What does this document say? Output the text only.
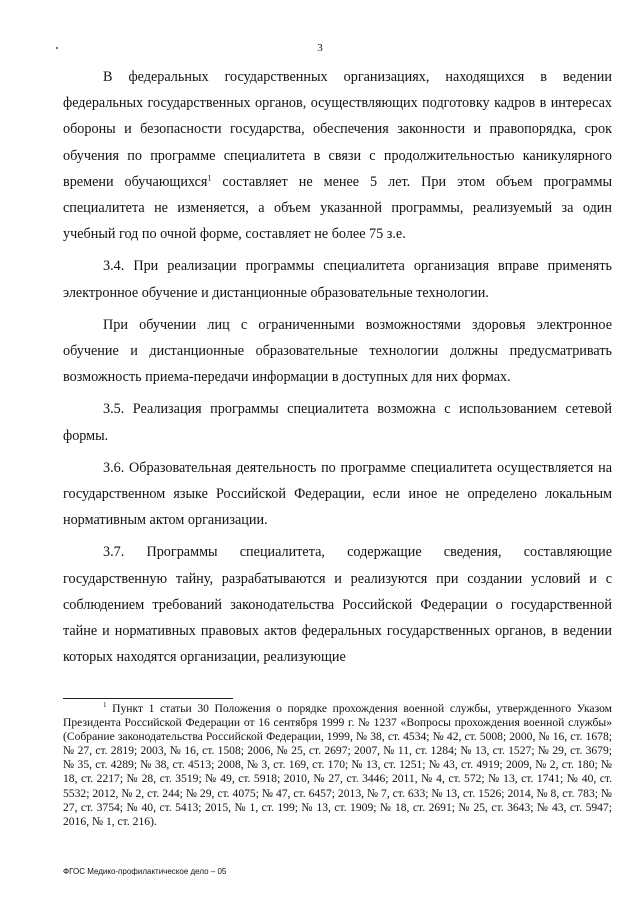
3

В федеральных государственных организациях, находящихся в ведении федеральных государственных органов, осуществляющих подготовку кадров в интересах обороны и безопасности государства, обеспечения законности и правопорядка, срок обучения по программе специалитета в связи с продолжительностью каникулярного времени обучающихся$^1$ составляет не менее 5 лет. При этом объем программы специалитета не изменяется, а объем указанной программы, реализуемый за один учебный год по очной форме, составляет не более 75 з.е.

3.4. При реализации программы специалитета организация вправе применять электронное обучение и дистанционные образовательные технологии.

При обучении лиц с ограниченными возможностями здоровья электронное обучение и дистанционные образовательные технологии должны предусматривать возможность приема-передачи информации в доступных для них формах.

3.5. Реализация программы специалитета возможна с использованием сетевой формы.

3.6. Образовательная деятельность по программе специалитета осуществляется на государственном языке Российской Федерации, если иное не определено локальным нормативным актом организации.

3.7. Программы специалитета, содержащие сведения, составляющие государственную тайну, разрабатываются и реализуются при создании условий и с соблюдением требований законодательства Российской Федерации о государственной тайне и нормативных правовых актов федеральных государственных органов, в ведении которых находятся организации, реализующие

$^1$ Пункт 1 статьи 30 Положения о порядке прохождения военной службы, утвержденного Указом Президента Российской Федерации от 16 сентября 1999 г. № 1237 «Вопросы прохождения военной службы» (Собрание законодательства Российской Федерации, 1999, № 38, ст. 4534; № 42, ст. 5008; 2000, № 16, ст. 1678; № 27, ст. 2819; 2003, № 16, ст. 1508; 2006, № 25, ст. 2697; 2007, № 11, ст. 1284; № 13, ст. 1527; № 29, ст. 3679; № 35, ст. 4289; № 38, ст. 4513; 2008, № 3, ст. 169, ст. 170; № 13, ст. 1251; № 43, ст. 4919; 2009, № 2, ст. 180; № 18, ст. 2217; № 28, ст. 3519; № 49, ст. 5918; 2010, № 27, ст. 3446; 2011, № 4, ст. 572; № 13, ст. 1741; № 40, ст. 5532; 2012, № 2, ст. 244; № 29, ст. 4075; № 47, ст. 6457; 2013, № 7, ст. 633; № 13, ст. 1526; 2014, № 8, ст. 783; № 27, ст. 3754; № 40, ст. 5413; 2015, № 1, ст. 199; № 13, ст. 1909; № 18, ст. 2691; № 25, ст. 3643; № 43, ст. 5947; 2016, № 1, ст. 216).

ФГОС Медико-профилактическое дело – 05
